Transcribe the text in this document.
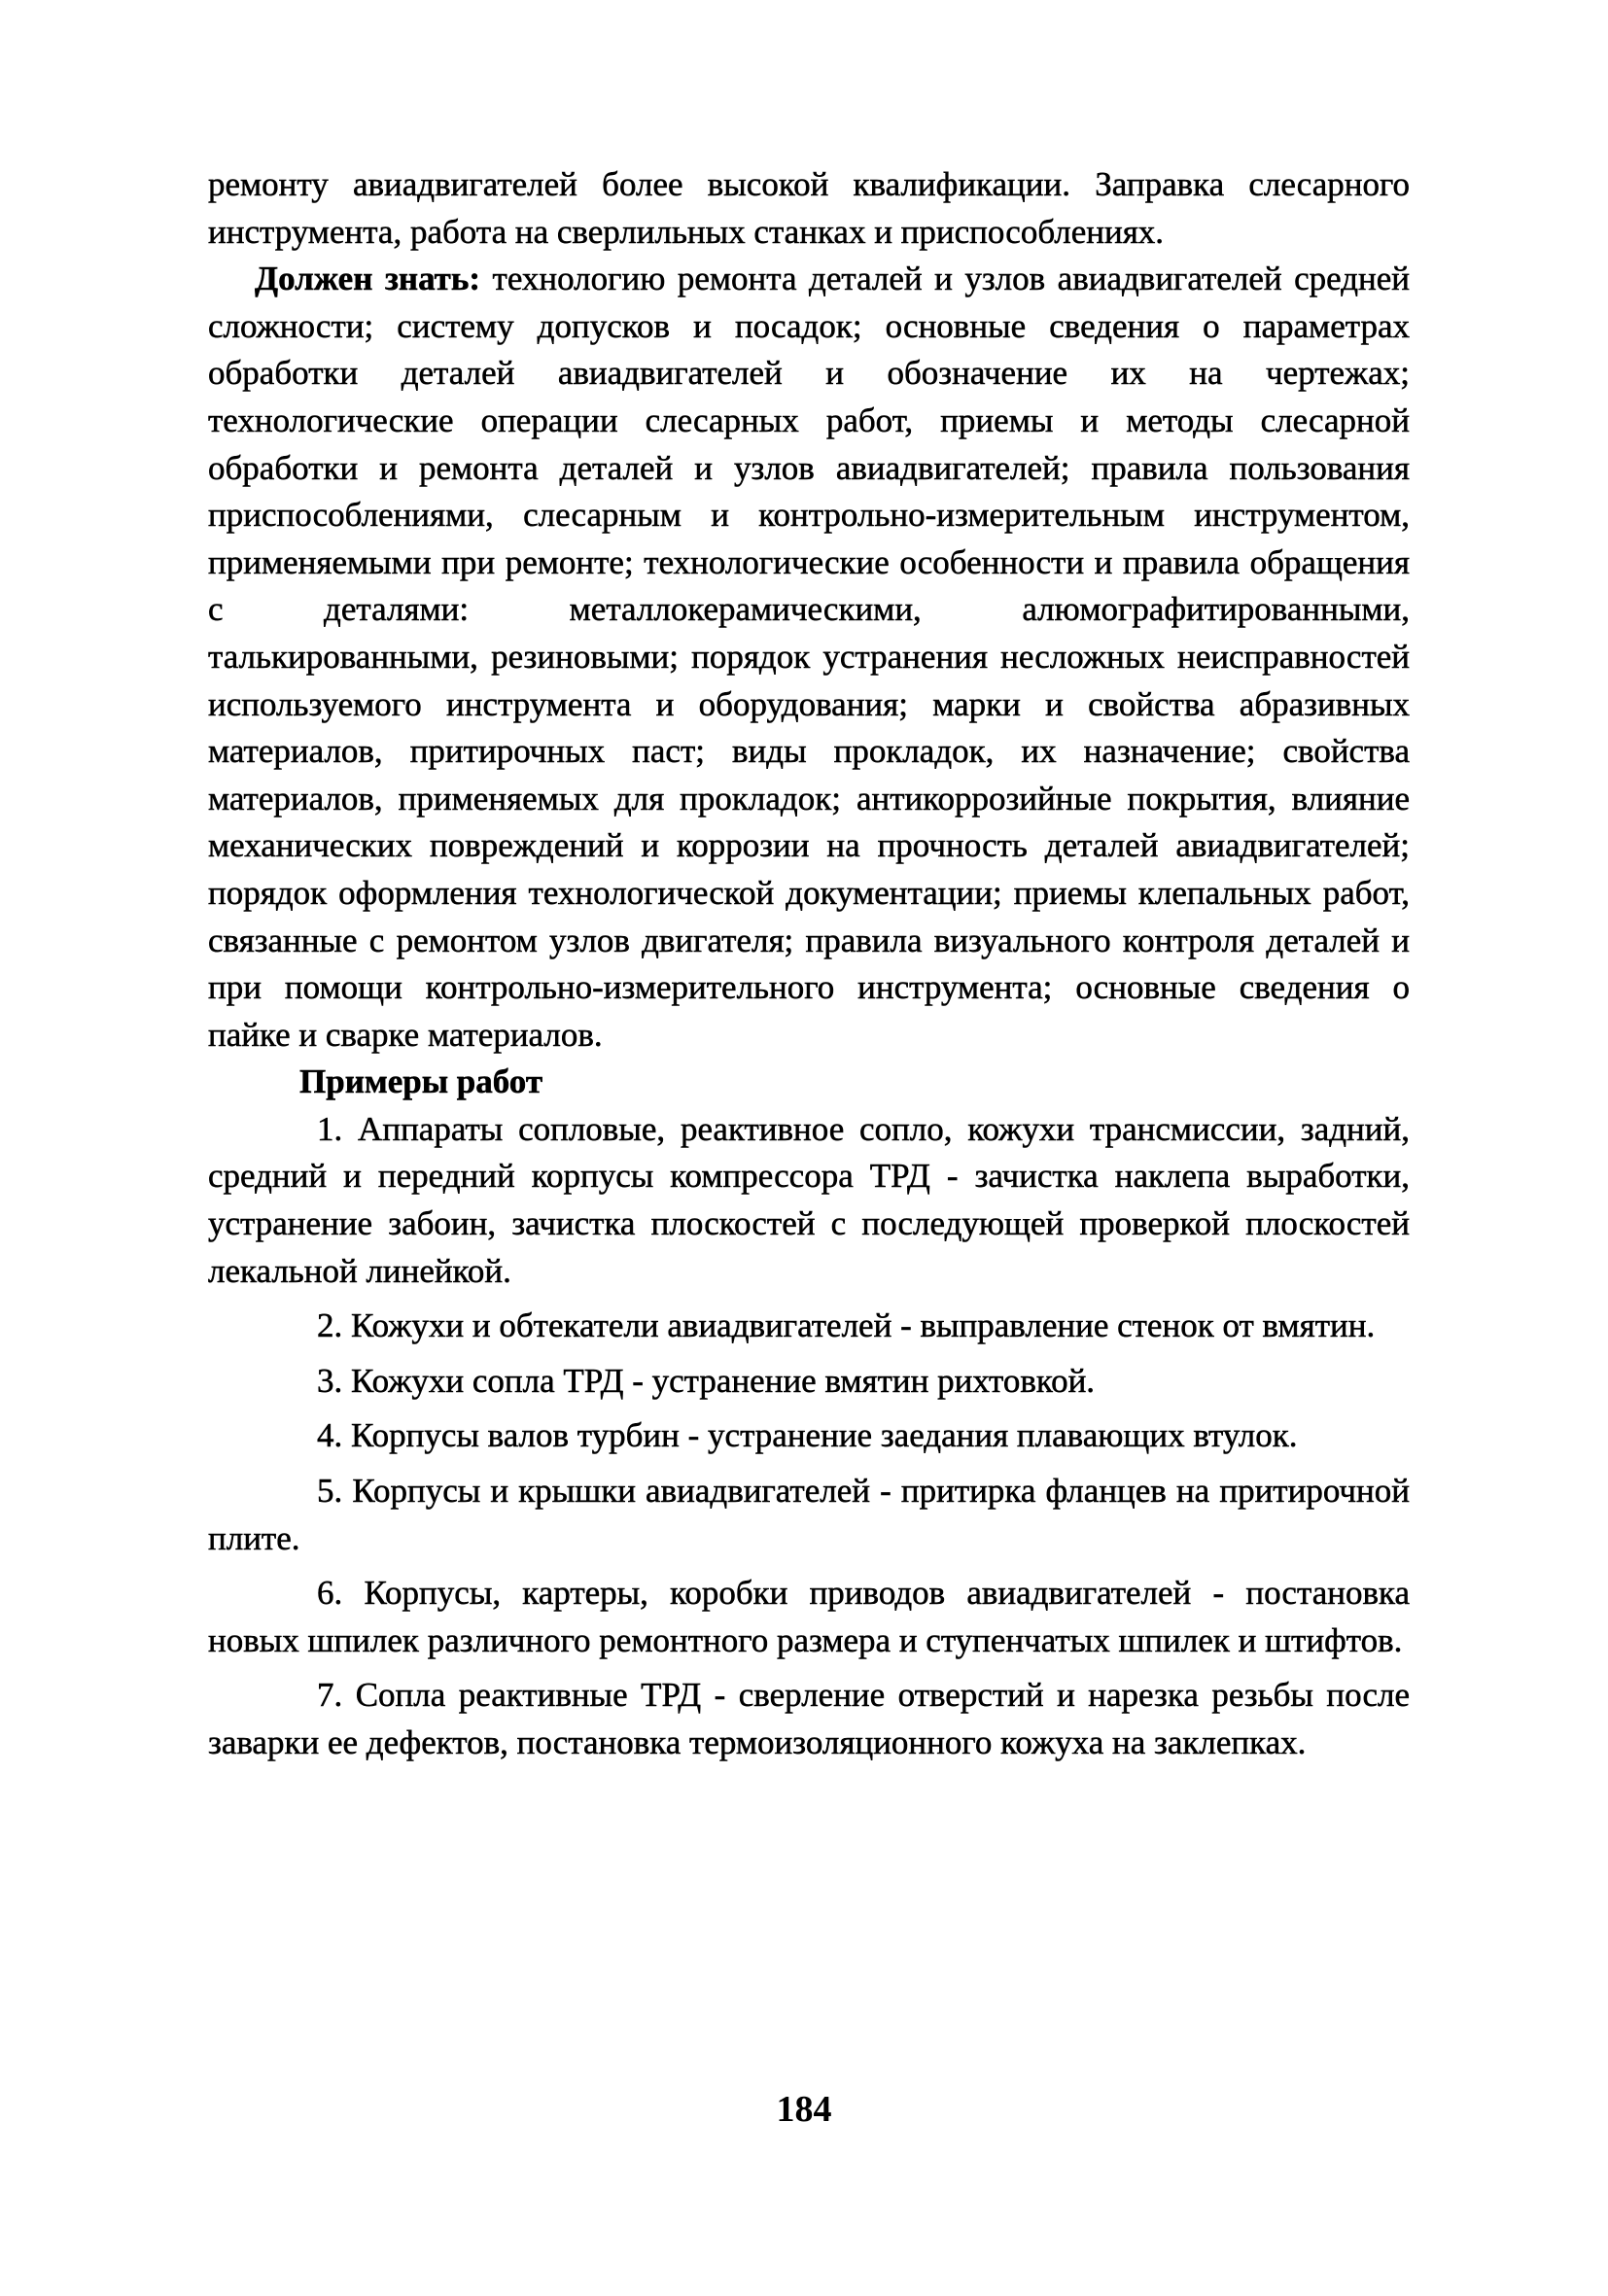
ремонту авиадвигателей более высокой квалификации. Заправка слесарного инструмента, работа на сверлильных станках и приспособлениях.

Должен знать: технологию ремонта деталей и узлов авиадвигателей средней сложности; систему допусков и посадок; основные сведения о параметрах обработки деталей авиадвигателей и обозначение их на чертежах; технологические операции слесарных работ, приемы и методы слесарной обработки и ремонта деталей и узлов авиадвигателей; правила пользования приспособлениями, слесарным и контрольно-измерительным инструментом, применяемыми при ремонте; технологические особенности и правила обращения с деталями: металлокерамическими, алюмографитированными, талькированными, резиновыми; порядок устранения несложных неисправностей используемого инструмента и оборудования; марки и свойства абразивных материалов, притирочных паст; виды прокладок, их назначение; свойства материалов, применяемых для прокладок; антикоррозийные покрытия, влияние механических повреждений и коррозии на прочность деталей авиадвигателей; порядок оформления технологической документации; приемы клепальных работ, связанные с ремонтом узлов двигателя; правила визуального контроля деталей и при помощи контрольно-измерительного инструмента; основные сведения о пайке и сварке материалов.

Примеры работ

1. Аппараты сопловые, реактивное сопло, кожухи трансмиссии, задний, средний и передний корпусы компрессора ТРД - зачистка наклепа выработки, устранение забоин, зачистка плоскостей с последующей проверкой плоскостей лекальной линейкой.

2. Кожухи и обтекатели авиадвигателей - выправление стенок от вмятин.

3. Кожухи сопла ТРД - устранение вмятин рихтовкой.

4. Корпусы валов турбин - устранение заедания плавающих втулок.

5. Корпусы и крышки авиадвигателей - притирка фланцев на притирочной плите.

6. Корпусы, картеры, коробки приводов авиадвигателей - постановка новых шпилек различного ремонтного размера и ступенчатых шпилек и штифтов.

7. Сопла реактивные ТРД - сверление отверстий и нарезка резьбы после заварки ее дефектов, постановка термоизоляционного кожуха на заклепках.

184
